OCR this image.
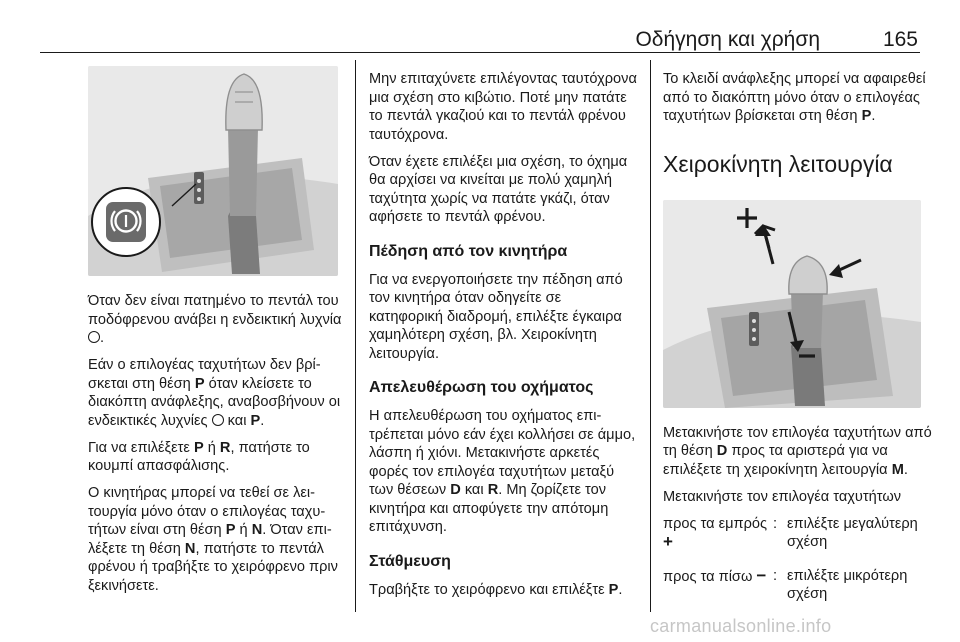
Οδήγηση και χρήση	165

Όταν δεν είναι πατημένο το πεντάλ του ποδόφρενου ανάβει η ενδεικτική λυχνία .

Εάν ο επιλογέας ταχυτήτων δεν βρίσκεται στη θέση P όταν κλείσετε το διακόπτη ανάφλεξης, αναβοσβήνουν οι ενδεικτικές λυχνίες και P.

Για να επιλέξετε P ή R, πατήστε το κουμπί απασφάλισης.

Ο κινητήρας μπορεί να τεθεί σε λειτουργία μόνο όταν ο επιλογέας ταχυτήτων είναι στη θέση P ή N. Όταν επιλέξετε τη θέση N, πατήστε το πεντάλ φρένου ή τραβήξτε το χειρόφρενο πριν ξεκινήσετε.

Μην επιταχύνετε επιλέγοντας ταυτόχρονα μια σχέση στο κιβώτιο. Ποτέ μην πατάτε το πεντάλ γκαζιού και το πεντάλ φρένου ταυτόχρονα.

Όταν έχετε επιλέξει μια σχέση, το όχημα θα αρχίσει να κινείται με πολύ χαμηλή ταχύτητα χωρίς να πατάτε γκάζι, όταν αφήσετε το πεντάλ φρένου.

Πέδηση από τον κινητήρα

Για να ενεργοποιήσετε την πέδηση από τον κινητήρα όταν οδηγείτε σε κατηφορική διαδρομή, επιλέξτε έγκαιρα χαμηλότερη σχέση, βλ. Χειροκίνητη λειτουργία.

Απελευθέρωση του οχήματος

Η απελευθέρωση του οχήματος επιτρέπεται μόνο εάν έχει κολλήσει σε άμμο, λάσπη ή χιόνι. Μετακινήστε αρκετές φορές τον επιλογέα ταχυτήτων μεταξύ των θέσεων D και R. Μη ζορίζετε τον κινητήρα και αποφύγετε την απότομη επιτάχυνση.

Στάθμευση

Τραβήξτε το χειρόφρενο και επιλέξτε P.

Το κλειδί ανάφλεξης μπορεί να αφαιρεθεί από το διακόπτη μόνο όταν ο επιλογέας ταχυτήτων βρίσκεται στη θέση P.

Χειροκίνητη λειτουργία

Μετακινήστε τον επιλογέα ταχυτήτων από τη θέση D προς τα αριστερά για να επιλέξετε τη χειροκίνητη λειτουργία M.

Μετακινήστε τον επιλογέα ταχυτήτων

προς τα εμπρός +
: επιλέξτε μεγαλύτερη σχέση
προς τα πίσω − : επιλέξτε μικρότερη σχέση
carmanualsonline.info
